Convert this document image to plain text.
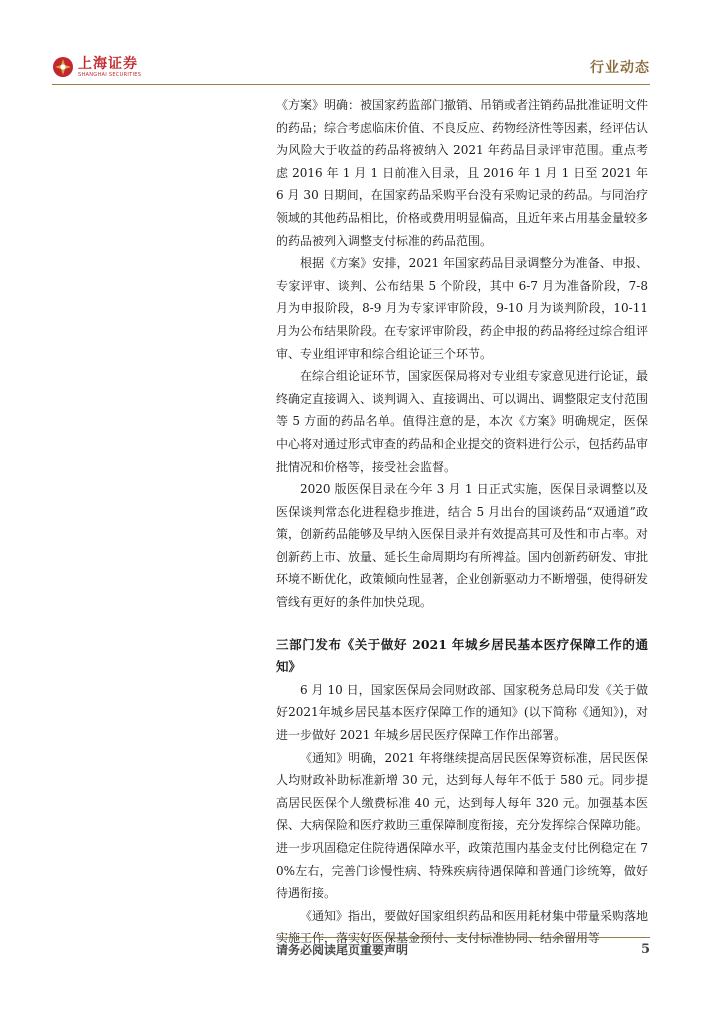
上海证券
SHANGHAI SECURITIES	行业动态

《方案》明确：被国家药监部门撤销、吊销或者注销药品批准证明文件的药品；综合考虑临床价值、不良反应、药物经济性等因素，经评估认为风险大于收益的药品将被纳入 2021 年药品目录评审范围。重点考虑 2016 年 1 月 1 日前准入目录，且 2016 年 1 月 1 日至 2021 年 6 月 30 日期间，在国家药品采购平台没有采购记录的药品。与同治疗领域的其他药品相比，价格或费用明显偏高，且近年来占用基金量较多的药品被列入调整支付标准的药品范围。

根据《方案》安排，2021 年国家药品目录调整分为准备、申报、专家评审、谈判、公布结果 5 个阶段，其中 6-7 月为准备阶段，7-8 月为申报阶段，8-9 月为专家评审阶段，9-10 月为谈判阶段，10-11 月为公布结果阶段。在专家评审阶段，药企申报的药品将经过综合组评审、专业组评审和综合组论证三个环节。

在综合组论证环节，国家医保局将对专业组专家意见进行论证，最终确定直接调入、谈判调入、直接调出、可以调出、调整限定支付范围等 5 方面的药品名单。值得注意的是，本次《方案》明确规定，医保中心将对通过形式审查的药品和企业提交的资料进行公示，包括药品审批情况和价格等，接受社会监督。

2020 版医保目录在今年 3 月 1 日正式实施，医保目录调整以及医保谈判常态化进程稳步推进，结合 5 月出台的国谈药品“双通道”政策，创新药品能够及早纳入医保目录并有效提高其可及性和市占率。对创新药上市、放量、延长生命周期均有所裨益。国内创新药研发、审批环境不断优化，政策倾向性显著，企业创新驱动力不断增强，使得研发管线有更好的条件加快兑现。

三部门发布《关于做好 2021 年城乡居民基本医疗保障工作的通知》

6 月 10 日，国家医保局会同财政部、国家税务总局印发《关于做好2021年城乡居民基本医疗保障工作的通知》(以下简称《通知》)，对进一步做好 2021 年城乡居民医疗保障工作作出部署。

《通知》明确，2021 年将继续提高居民医保筹资标准，居民医保人均财政补助标准新增 30 元，达到每人每年不低于 580 元。同步提高居民医保个人缴费标准 40 元，达到每人每年 320 元。加强基本医保、大病保险和医疗救助三重保障制度衔接，充分发挥综合保障功能。进一步巩固稳定住院待遇保障水平，政策范围内基金支付比例稳定在 70%左右，完善门诊慢性病、特殊疾病待遇保障和普通门诊统筹，做好待遇衔接。

《通知》指出，要做好国家组织药品和医用耗材集中带量采购落地实施工作，落实好医保基金预付、支付标准协同、结余留用等

请务必阅读尾页重要声明	5
